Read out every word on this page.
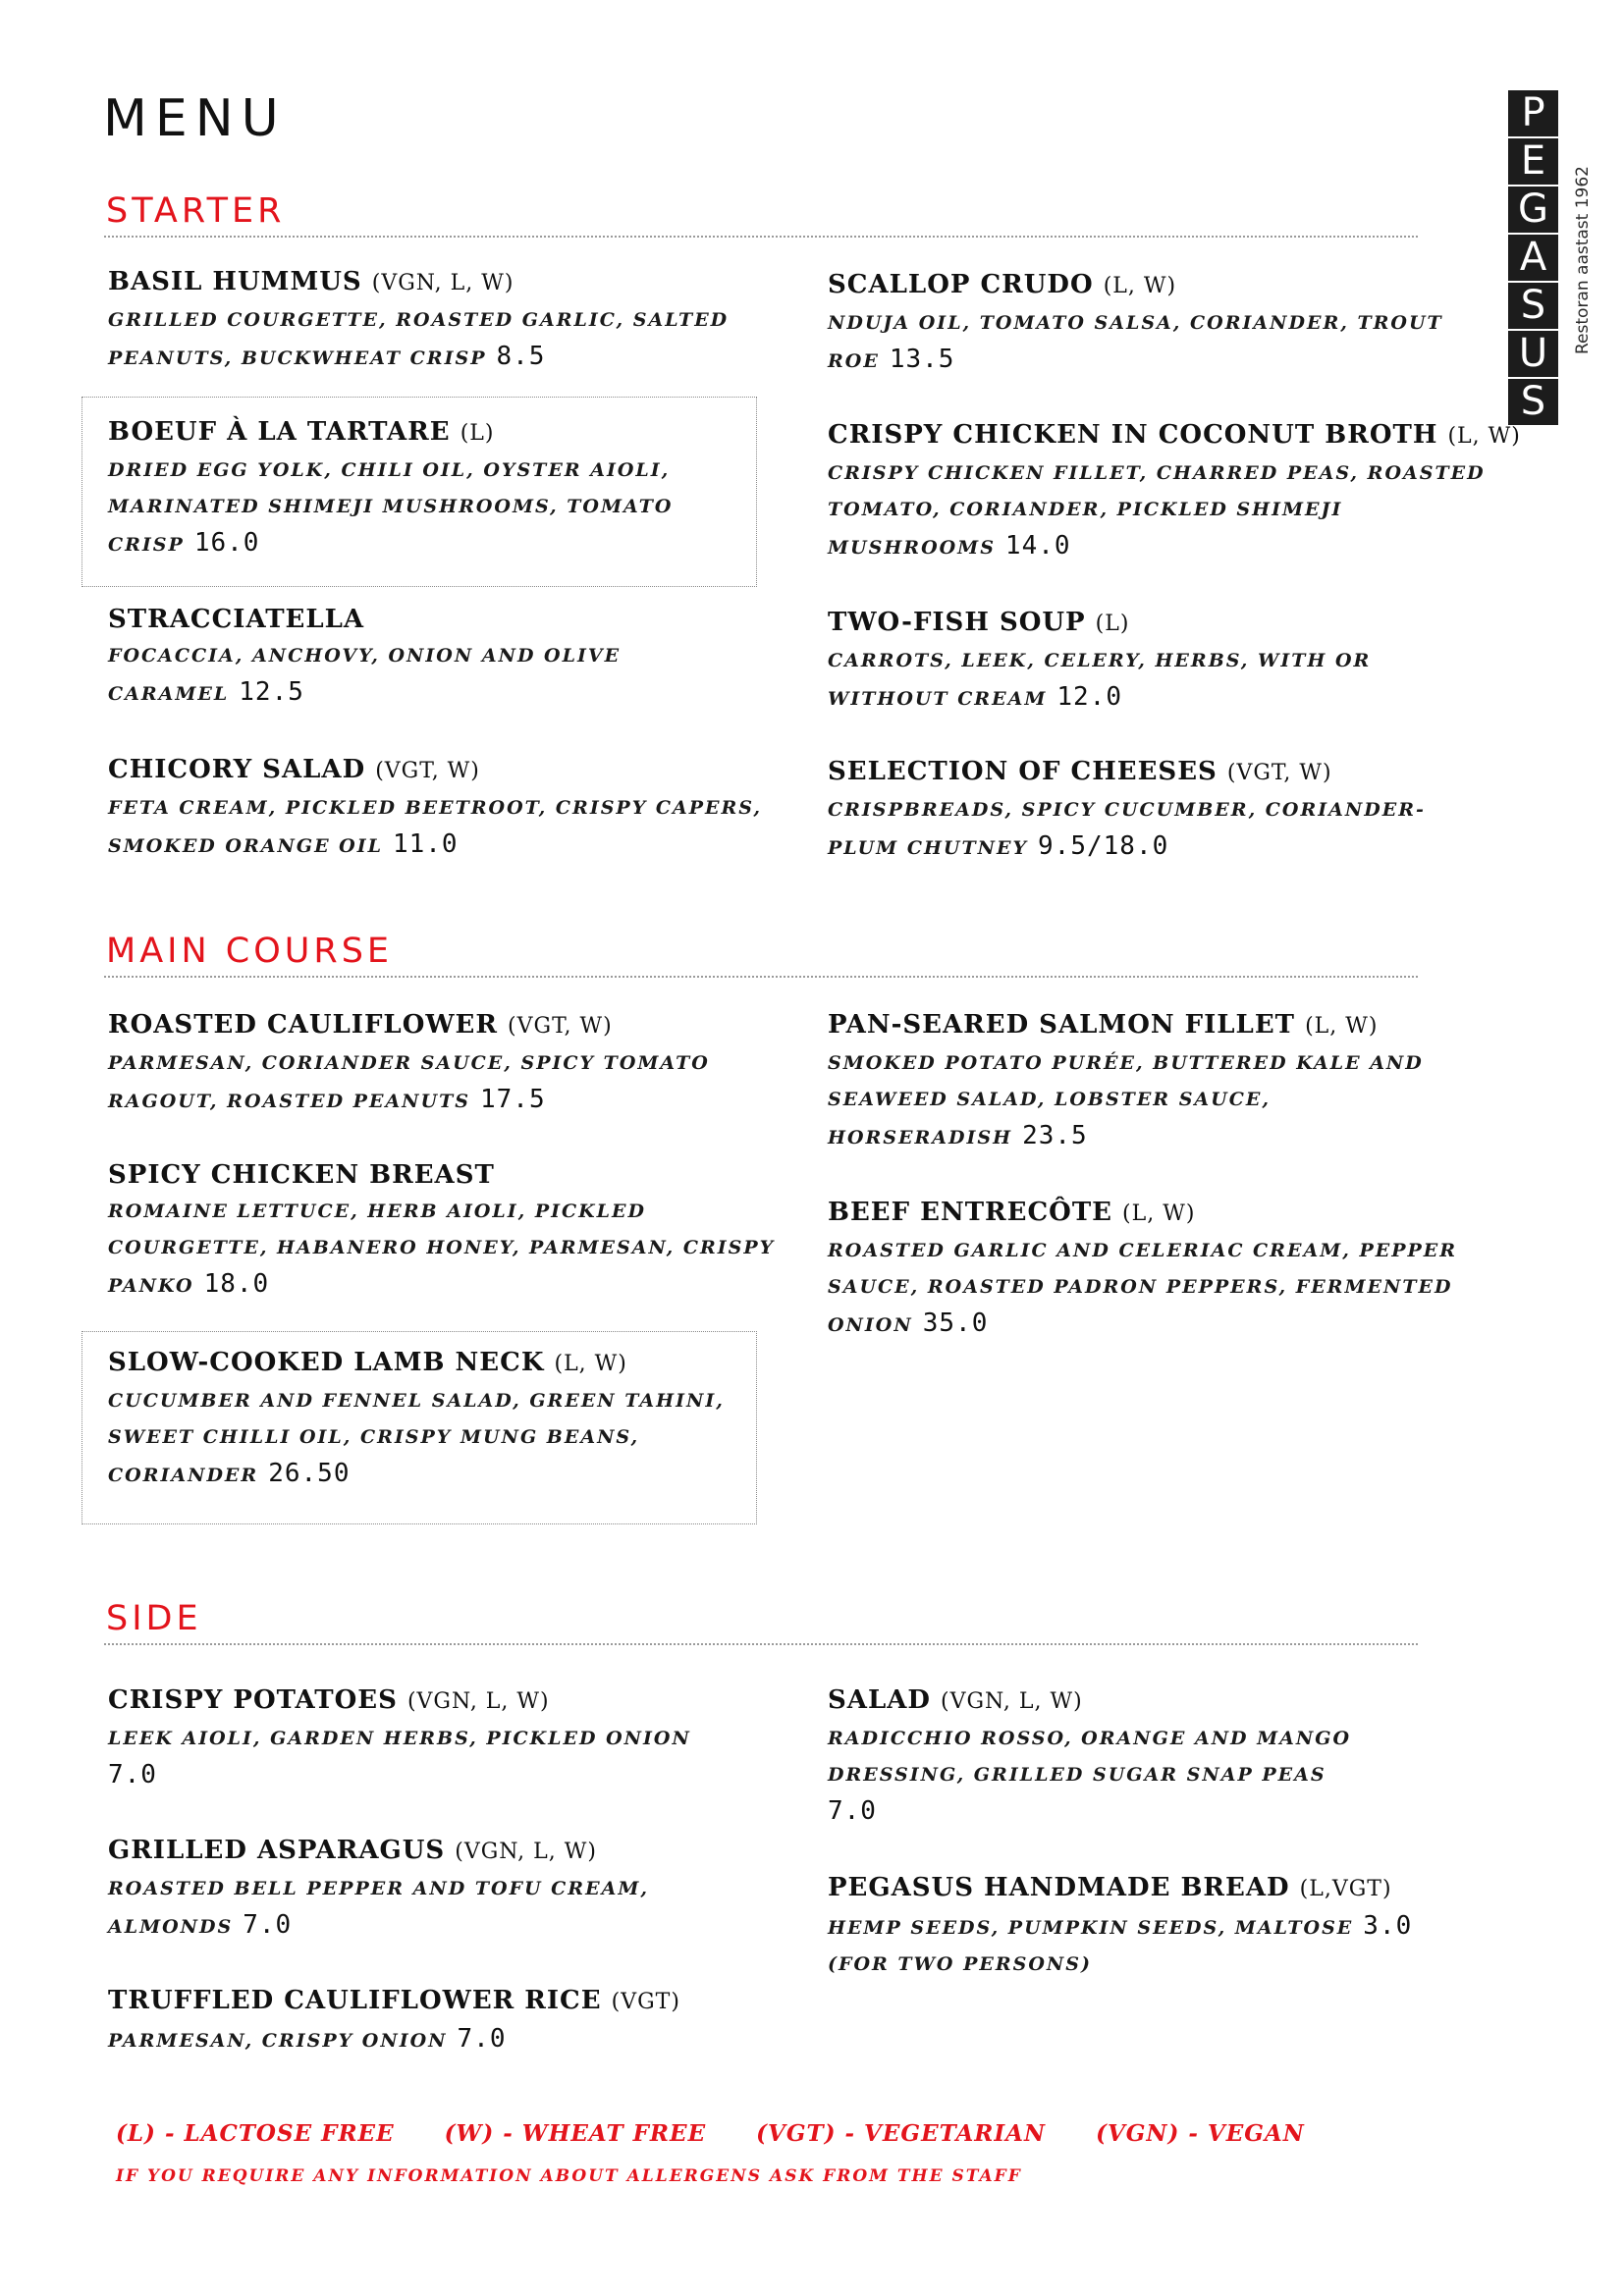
MENU	P
E
G
A
S
U
S
Restoran aastast 1962
STARTER
BASIL HUMMUS (VGN, L, W)
GRILLED COURGETTE, ROASTED GARLIC, SALTED PEANUTS, BUCKWHEAT CRISP 8.5
SCALLOP CRUDO (L, W)
NDUJA OIL, TOMATO SALSA, CORIANDER, TROUT ROE 13.5
BOEUF À LA TARTARE (L)
DRIED EGG YOLK, CHILI OIL, OYSTER AIOLI, MARINATED SHIMEJI MUSHROOMS, TOMATO CRISP 16.0
CRISPY CHICKEN IN COCONUT BROTH (L, W)
CRISPY CHICKEN FILLET, CHARRED PEAS, ROASTED TOMATO, CORIANDER, PICKLED SHIMEJI MUSHROOMS 14.0
STRACCIATELLA
FOCACCIA, ANCHOVY, ONION AND OLIVE CARAMEL 12.5
TWO-FISH SOUP (L)
CARROTS, LEEK, CELERY, HERBS, WITH OR WITHOUT CREAM 12.0
CHICORY SALAD (VGT, W)
FETA CREAM, PICKLED BEETROOT, CRISPY CAPERS, SMOKED ORANGE OIL 11.0
SELECTION OF CHEESES (VGT, W)
CRISPBREADS, SPICY CUCUMBER, CORIANDER-PLUM CHUTNEY 9.5/18.0
MAIN COURSE
ROASTED CAULIFLOWER (VGT, W)
PARMESAN, CORIANDER SAUCE, SPICY TOMATO RAGOUT, ROASTED PEANUTS 17.5
PAN-SEARED SALMON FILLET (L, W)
SMOKED POTATO PURÉE, BUTTERED KALE AND SEAWEED SALAD, LOBSTER SAUCE, HORSERADISH 23.5
SPICY CHICKEN BREAST
ROMAINE LETTUCE, HERB AIOLI, PICKLED COURGETTE, HABANERO HONEY, PARMESAN, CRISPY PANKO 18.0
BEEF ENTRECÔTE (L, W)
ROASTED GARLIC AND CELERIAC CREAM, PEPPER SAUCE, ROASTED PADRON PEPPERS, FERMENTED ONION 35.0
SLOW-COOKED LAMB NECK (L, W)
CUCUMBER AND FENNEL SALAD, GREEN TAHINI, SWEET CHILLI OIL, CRISPY MUNG BEANS, CORIANDER 26.50
SIDE
CRISPY POTATOES (VGN, L, W)
LEEK AIOLI, GARDEN HERBS, PICKLED ONION
7.0
SALAD (VGN, L, W)
RADICCHIO ROSSO, ORANGE AND MANGO DRESSING, GRILLED SUGAR SNAP PEAS
7.0
GRILLED ASPARAGUS (VGN, L, W)
ROASTED BELL PEPPER AND TOFU CREAM, ALMONDS 7.0
PEGASUS HANDMADE BREAD (L,VGT)
HEMP SEEDS, PUMPKIN SEEDS, MALTOSE 3.0
(FOR TWO PERSONS)
TRUFFLED CAULIFLOWER RICE (VGT)
PARMESAN, CRISPY ONION 7.0
(L) - LACTOSE FREE (W) - WHEAT FREE (VGT) - VEGETARIAN (VGN) - VEGAN
IF YOU REQUIRE ANY INFORMATION ABOUT ALLERGENS ASK FROM THE STAFF
